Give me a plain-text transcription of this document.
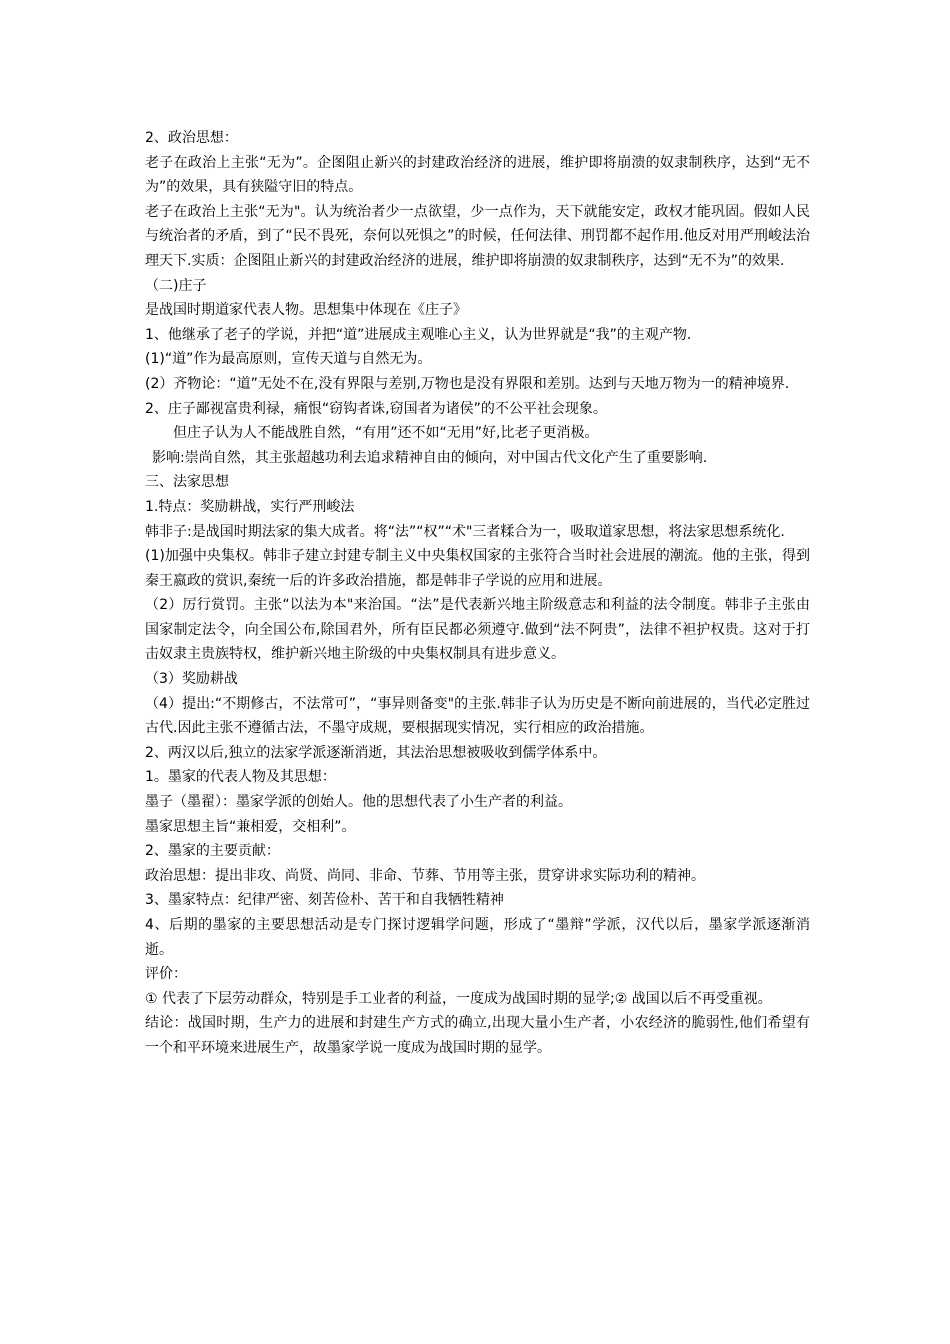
2、政治思想：

老子在政治上主张“无为”。企图阻止新兴的封建政治经济的进展，维护即将崩溃的奴隶制秩序，达到“无不为”的效果，具有狭隘守旧的特点。

老子在政治上主张“无为"。认为统治者少一点欲望，少一点作为，天下就能安定，政权才能巩固。假如人民与统治者的矛盾，到了“民不畏死，奈何以死惧之”的时候，任何法律、刑罚都不起作用.他反对用严刑峻法治理天下.实质：企图阻止新兴的封建政治经济的进展，维护即将崩溃的奴隶制秩序，达到“无不为”的效果.

（二)庄子

是战国时期道家代表人物。思想集中体现在《庄子》

1、他继承了老子的学说，并把“道”进展成主观唯心主义，认为世界就是“我”的主观产物.

(1)“道”作为最高原则，宣传天道与自然无为。

(2）齐物论：“道”无处不在,没有界限与差别,万物也是没有界限和差别。达到与天地万物为一的精神境界.

2、庄子鄙视富贵利禄，痛恨“窃钩者诛,窃国者为诸侯”的不公平社会现象。

但庄子认为人不能战胜自然，“有用”还不如“无用”好,比老子更消极。

影响:崇尚自然，其主张超越功利去追求精神自由的倾向，对中国古代文化产生了重要影响.

三、法家思想

1.特点：奖励耕战，实行严刑峻法

韩非子:是战国时期法家的集大成者。将“法”“权”“术"三者糅合为一，吸取道家思想，将法家思想系统化.

(1)加强中央集权。韩非子建立封建专制主义中央集权国家的主张符合当时社会进展的潮流。他的主张，得到秦王嬴政的赏识,秦统一后的许多政治措施，都是韩非子学说的应用和进展。

（2）厉行赏罚。主张“以法为本"来治国。“法”是代表新兴地主阶级意志和利益的法令制度。韩非子主张由国家制定法令，向全国公布,除国君外，所有臣民都必须遵守.做到“法不阿贵”，法律不袒护权贵。这对于打击奴隶主贵族特权，维护新兴地主阶级的中央集权制具有进步意义。

（3）奖励耕战

（4）提出:“不期修古，不法常可”，“事异则备变"的主张.韩非子认为历史是不断向前进展的，当代必定胜过古代.因此主张不遵循古法，不墨守成规，要根据现实情况，实行相应的政治措施。

2、两汉以后,独立的法家学派逐渐消逝，其法治思想被吸收到儒学体系中。

1。墨家的代表人物及其思想：

墨子（墨翟）：墨家学派的创始人。他的思想代表了小生产者的利益。

墨家思想主旨“兼相爱，交相利”。

2、墨家的主要贡献：

政治思想：提出非攻、尚贤、尚同、非命、节葬、节用等主张，贯穿讲求实际功利的精神。

3、墨家特点：纪律严密、刻苦俭朴、苦干和自我牺牲精神

4、后期的墨家的主要思想活动是专门探讨逻辑学问题，形成了“墨辩”学派，汉代以后，墨家学派逐渐消逝。

评价：

① 代表了下层劳动群众，特别是手工业者的利益，一度成为战国时期的显学;② 战国以后不再受重视。

结论：战国时期，生产力的进展和封建生产方式的确立,出现大量小生产者，小农经济的脆弱性,他们希望有一个和平环境来进展生产，故墨家学说一度成为战国时期的显学。
